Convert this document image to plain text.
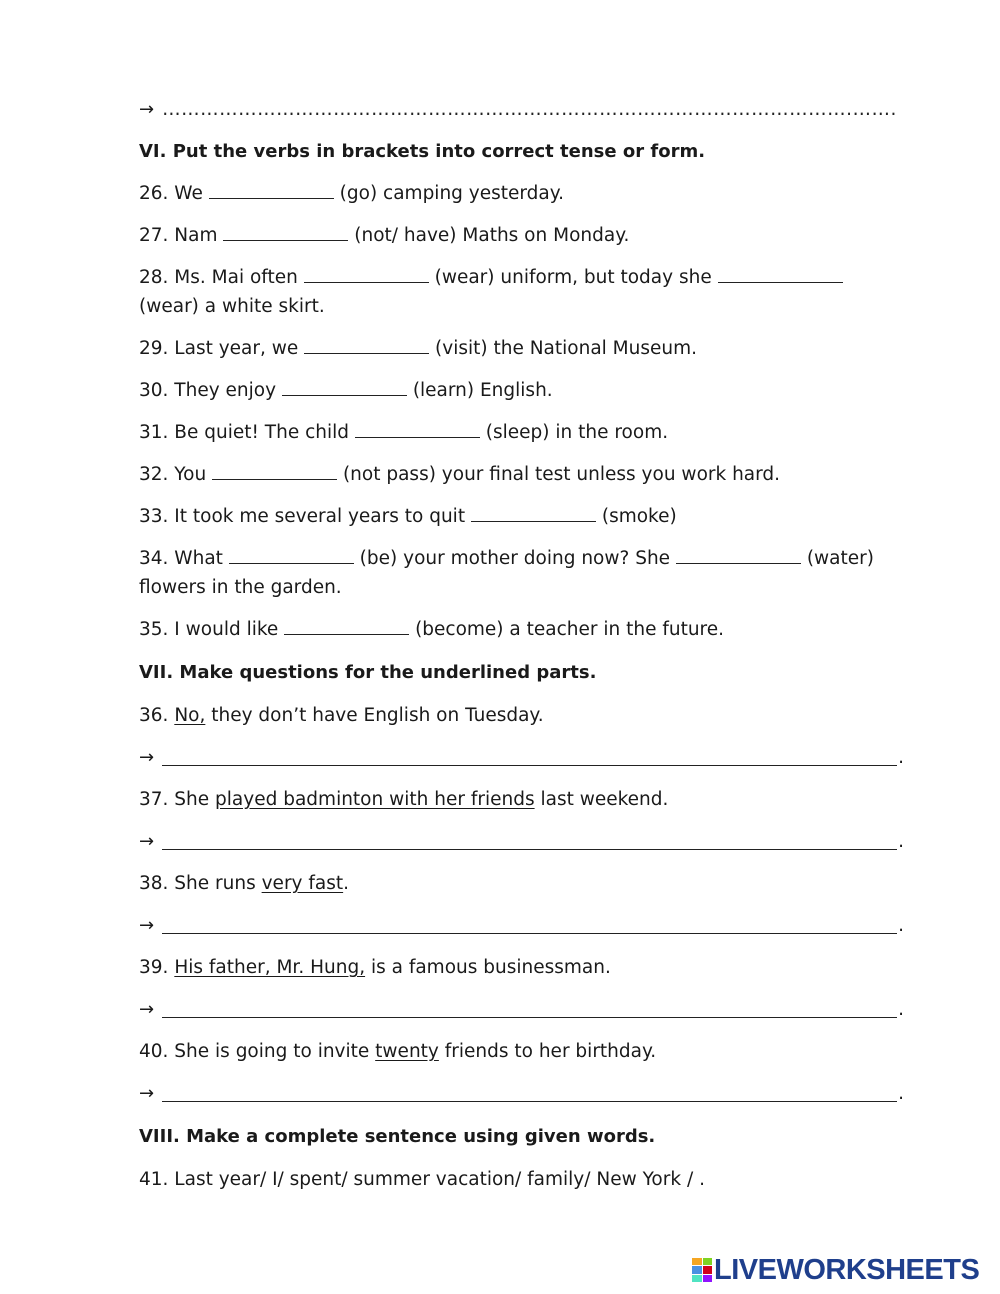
→ ……………………………………………………………………………………………….…….
VI. Put the verbs in brackets into correct tense or form.
26. We	(go) camping yesterday.
27. Nam	(not/ have) Maths on Monday.
28. Ms. Mai often	(wear) uniform, but today she  (wear) a white skirt.
29. Last year, we	(visit) the National Museum.
30. They enjoy	(learn) English.
31. Be quiet! The child	(sleep) in the room.
32. You	(not pass) your final test unless you work hard.
33. It took me several years to quit	(smoke)
34. What	(be) your mother doing now? She	(water) flowers in the garden.
35. I would like	(become) a teacher in the future.
VII. Make questions for the underlined parts.
36. No, they don’t have English on Tuesday.
→	.
37. She played badminton with her friends last weekend.
→	.
38. She runs very fast.
→	.
39. His father, Mr. Hung, is a famous businessman.
→	.
40. She is going to invite twenty friends to her birthday.
→	.
VIII. Make a complete sentence using given words.
41. Last year/ I/ spent/ summer vacation/ family/ New York / .
LIVEWORKSHEETS
